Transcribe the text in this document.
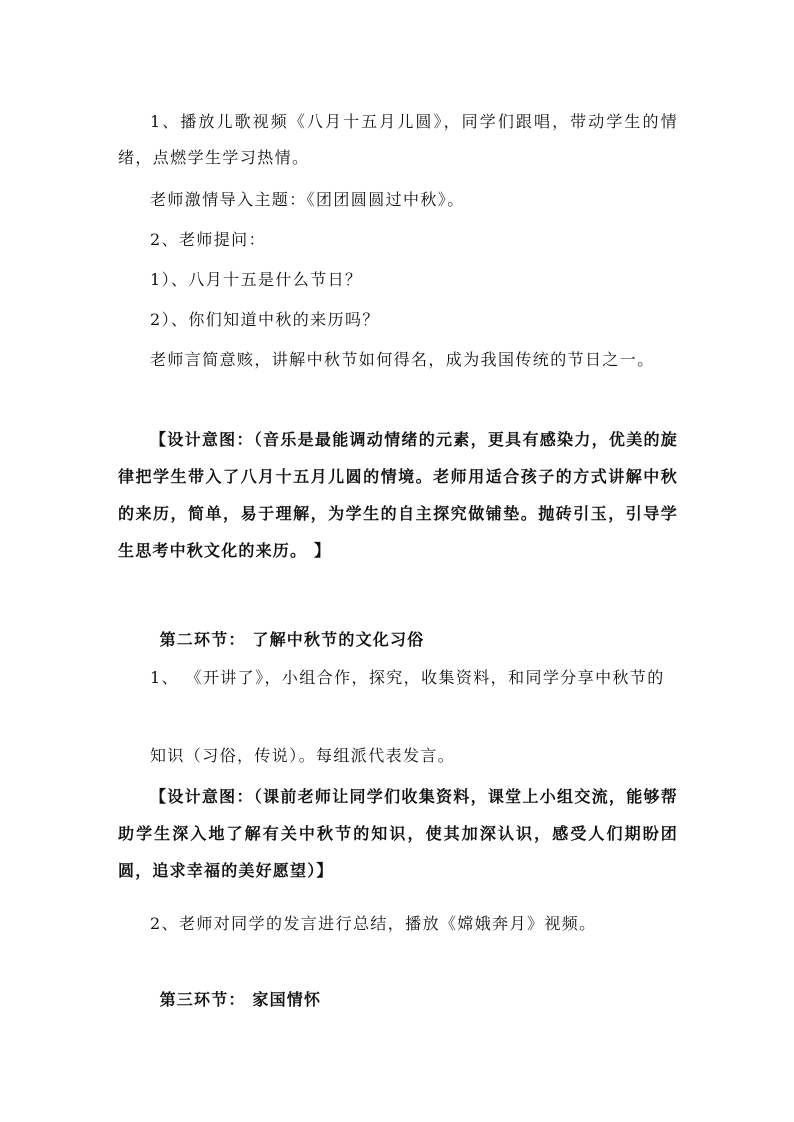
1、播放儿歌视频《八月十五月儿圆》，同学们跟唱，带动学生的情绪，点燃学生学习热情。

老师激情导入主题：《团团圆圆过中秋》。

2、老师提问：

1）、八月十五是什么节日？

2）、你们知道中秋的来历吗？

老师言简意赅，讲解中秋节如何得名，成为我国传统的节日之一。

【设计意图：（音乐是最能调动情绪的元素，更具有感染力，优美的旋律把学生带入了八月十五月儿圆的情境。老师用适合孩子的方式讲解中秋的来历，简单，易于理解，为学生的自主探究做铺垫。抛砖引玉，引导学生思考中秋文化的来历。 】

第二环节： 了解中秋节的文化习俗

1、 《开讲了》，小组合作，探究，收集资料，和同学分享中秋节的

知识（习俗，传说）。每组派代表发言。

【设计意图：（课前老师让同学们收集资料，课堂上小组交流，能够帮助学生深入地了解有关中秋节的知识，使其加深认识，感受人们期盼团圆，追求幸福的美好愿望）】

2、老师对同学的发言进行总结，播放《嫦娥奔月》视频。

第三环节： 家国情怀
